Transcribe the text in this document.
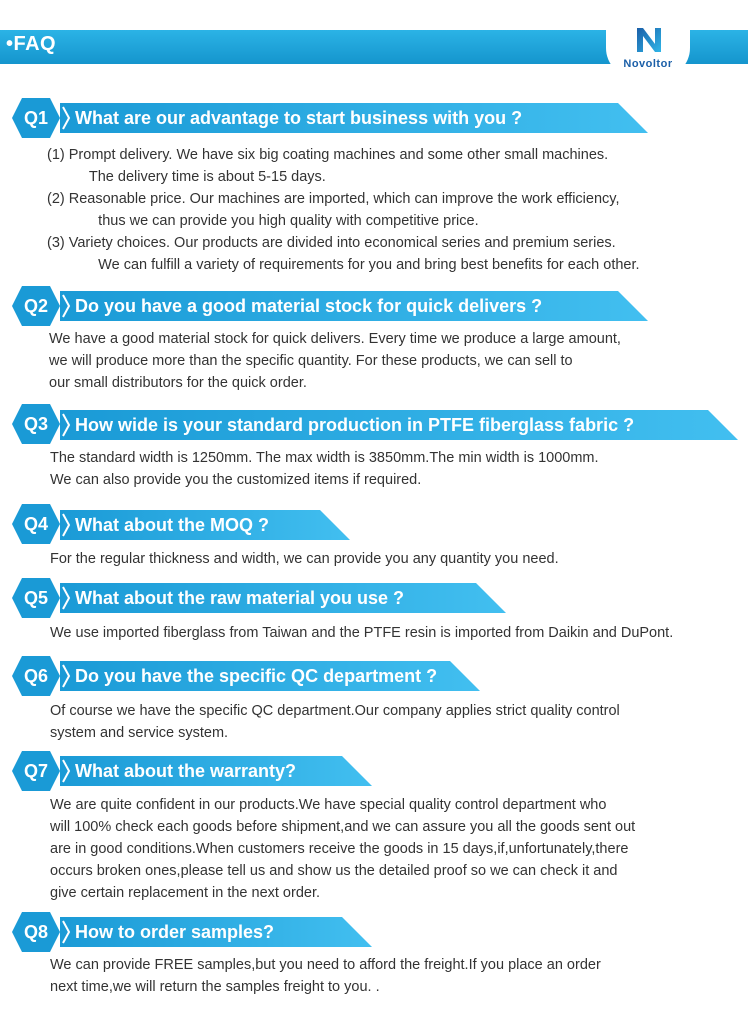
•FAQ
Novoltor
Q1	What are our advantage to start business with you ?

(1) Prompt delivery. We have six big coating machines and some other small machines.

The delivery time is about 5-15 days.

(2) Reasonable price. Our machines are imported, which can improve the work efficiency,

thus we can provide you high quality with competitive price.

(3) Variety choices. Our products are divided into economical series and premium series.

We can fulfill a variety of requirements for you and bring best benefits for each other.

Q2	Do you have a good material stock for quick delivers ?

We have a good material stock for quick delivers. Every time we produce a large amount,

we will produce more than the specific quantity. For these products, we can sell to

our small distributors for the quick order.

Q3	How wide is your standard production in PTFE fiberglass fabric ?

The standard width is 1250mm. The max width is 3850mm.The min width is 1000mm.

We can also provide you the customized items if required.

Q4	What about the MOQ ?

For the regular thickness and width, we can provide you any quantity you need.

Q5	What about the raw material you use ?

We use imported fiberglass from Taiwan and the PTFE resin is imported from Daikin and DuPont.

Q6	Do you have the specific QC department ?

Of course we have the specific QC department.Our company applies strict quality control

system and service system.

Q7	What about the warranty?

We are quite confident in our products.We have special quality control department who

will 100% check each goods before shipment,and we can assure you all the goods sent out

are in good conditions.When customers receive the goods in 15 days,if,unfortunately,there

occurs broken ones,please tell us and show us the detailed proof so we can check it and

give certain replacement in the next order.

Q8	How to order samples?

We can provide FREE samples,but you need to afford the freight.If you place an order

next time,we will return the samples freight to you. .
